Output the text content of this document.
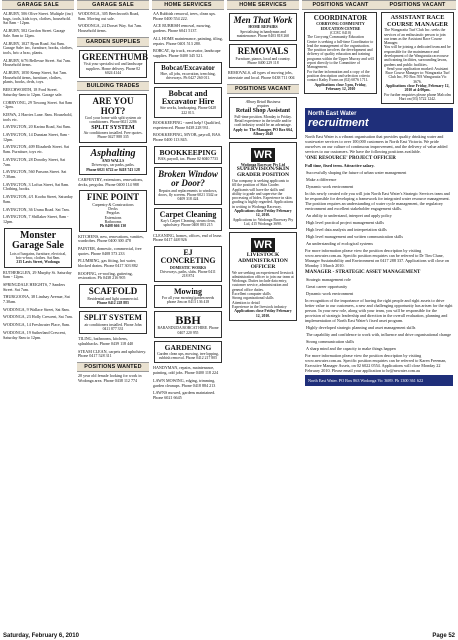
GARAGE SALE
ALBURY, 506 Olive Street. Multiple (inc) bags, tools, kids toys, clothes, household. Sat 8am - 12pm.
ALBURY, 502 Gordon Street. Garage Sale. 8am to 12pm.
ALBURY, 1027 Ryan Road. Sat 8am. Garage Sale: inc, furniture, books, clothes, tools, bric a brac, plants.
ALBURY, 6/76 Bellevue Street. Sat 7am. Household items.
ALBURY, 1050 Kemp Street, Sat 7am. Household items, furniture, clothes, plants, books, dvds, toys.
BEECHWORTH, 18 Ford Street. Saturday 6am to 12pm. Garage sale.
CORRYONG, 29 Towong Street. Sat 8am - 2pm.
KIEWA, 2 Harries Lane. 8am. Household, tools etc.
LAVINGTON, 20 Karina Road, Sat 8am.
LAVINGTON, 14 Dunstan Street, 8am - 12pm.
LAVINGTON, 409 Elizabeth Street. Sat 8am. Furniture, toys etc.
LAVINGTON, 28 Dorothy Street, Sat 7am.
LAVINGTON, 560 Parsons Street. Sat 7.30am.
LAVINGTON, 3 Loftus Street, Sat 8am. Clothing, books.
LAVINGTON, 4/1 Kooba Street, Saturday 8am.
LAVINGTON, 36 Urana Road. Sat 7am.
LAVINGTON, 7 Shillaker Street, 8am - 12pm.
Monster Garage Sale
Lots of bargains, furniture, electrical, bric-a-brac, clothes. Sat 8am.
215 Lavis Street, Wodonga
RUTHERGLEN, 29 Murphy St. Saturday 6am - 12pm.
SPRINGDALE HEIGHTS, 7 Sanders Street. Sat 7am.
THURGOONA, 38 Lindsay Avenue, Sat 7.30am.
WODONGA, 9 Wallace Street, Sat 8am.
WODONGA, 23 Holly Crescent, Sat 7am.
WODONGA, 14 Freshwater Place, 8am.
WODONGA, 19 Sutherland Crescent, Saturday 8am to 12pm.
GARAGE SALE
WODONGA, 305 Beechworth Road, 8am. Moving out sale.
WODONGA, 24 Dorset Way. Sat 7am. Household items.
GARDEN SUPPLIES
GREENTHUMB
Visit your specialist soil and landscape suppliers. Home delivery. Phone 02 6024 4144
BUILDING TRADES
ARE YOU HOT?
Cool your home with split system air conditioners. Phone 6021 2286
SPLIT SYSTEM
Air conditioners installed. Free quotes. Phone 0427 888 335
Asphalting
AND WALLS
Driveways, car parks, paths.
Phone 6021 6722 or 0418 743 128
CARPENTRY, extensions, renovations, decks, pergolas. Phone 0400 114 988
FINE POINT
Carpentry & Constructions
Decks
Pergolas
Extensions
Bathrooms
Ph 0408 666 130
KITCHENS, new, renovations, vanities, wardrobes. Phone 0400 300 478
PAINTER, domestic, commercial, free quotes. Phone 0408 573 233
PLUMBING, gas fitting, hot water, blocked drains. Phone 0417 303 882
ROOFING, re-roofing, guttering, restoration. Ph 0438 216 905
SCAFFOLD
Residential and light commercial.
Phone 0412 228 885
SPLIT SYSTEM
air conditioners installed. Phone John 0411 877 331
TILING, bathrooms, kitchens, splashbacks. Phone 0439 118 440
STEAM CLEAN, carpets and upholstery. Phone 0417 528 311
POSITIONS WANTED
20 year old female looking for work in Wodonga area. Phone 0438 112 774
HOME SERVICES
AA Rubbish removal, trees, clean ups. Phone 0400 554 222.
ACE RUBBISH removal, mowing, gardens. Phone 6041 5137.
ALL HOME maintenance, painting, tiling, repairs. Phone 0401 513 280.
BOBCAT, tip truck, excavator, landscape supplies. Phone 0400 345 521.
Bobcat/Excavator
Hire, all jobs, excavation, trenching, driveways. Ph 0427 260 011.
Bobcat and Excavator Hire
Site works, landscaping. Phone 0428 222 013.
BOOKKEEPING - need help? Qualified, experienced. Phone 0438 228 931.
BOOKKEEPING, MYOB, payroll, BAS. Phone 0400 113 845.
BOOKKEEPING
BAS, payroll, tax. Phone 02 6040 7733
Broken Window
or Door?
Repairs and replacements to windows, doors, fly screens. Phone 6021 3342 or 0409 318 424
Carpet Cleaning
Kay's Carpet Cleaning, steam clean, upholstery. Phone 0400 883 215
CLEANING, homes, offices, end of lease. Phone 0417 448 926
EJ CONCRETING
DOMESTIC WORKS
Driveways, paths, slabs. Phone 0411 218 874
Mowing
For all your mowing/garden needs phone Jim on 0413 136 418
BBH
BARANDUDA BOBCAT HIRE. Phone 0407 220 955
GARDENING
Garden clean ups, mowing, tree lopping, rubbish removal. Phone 0412 217 805
HANDYMAN, repairs, maintenance, painting, odd jobs. Phone 0400 118 224
LAWN MOWING, edging, trimming, garden cleanups. Phone 0418 884 213
LAWNS mowed, gardens maintained. Phone 6021 6645
HOME SERVICES
Men That Work
HOME REPAIRS
Specialising in handyman and maintenance. Phone 0403 818 260
REMOVALS
Furniture, pianos, local and country. Phone 0400 229 118
REMOVALS, all types of moving jobs, interstate and local. Phone 0438 711 004
POSITIONS VACANT
Albury Retail Business
requires
Retail Shop Assistant
Full-time position. Monday to Friday. Retail experience in the textile and/or craft industry would be an advantage.
Apply to: The Manager, PO Box 664, Albury 2640
WR
Wodonga Raceway Pty Ltd
SUPERVISION/SKIN GRADER POSITION
Our company is seeking applicants to fill the position of Skin Grader. Applicants will have the skills and ability to grade and supervise the processing of hides. Experience in skin grading is highly regarded. Applications in writing to Wodonga Raceway.
Applications close Friday February 12, 2010.
Applications to: Wodonga Raceway Pty Ltd, 415 Wodonga 3690.
WR
LIVESTOCK ADMINISTRATION OFFICER
We are seeking an experienced livestock administration officer to join our team at Wodonga. Duties include data entry, customer service, administration and general office duties.
Excellent computer skills
Strong organisational skills
Attention to detail
Experience in the livestock industry
Applications close Friday February 12, 2010.
POSITIONS VACANT	POSITIONS VACANT
COORDINATOR
CORRYONG COMMUNITY EDUCATION CENTRE
(CCEC 0410)
The Corryong Community Education Centre is seeking a full-time Coordinator to lead the management of the organisation. The position involves the development and delivery of quality education and training programs within the Upper Murray and will report directly to the Committee of Management.
For further information and a copy of the position description and selection criteria contact Kathy Evans on (02) 6076 1711.
Applications close 5 pm, Friday, February 12, 2010
ASSISTANT RACE COURSE MANAGER
The Wangaratta Turf Club Inc. seeks the services of an enthusiastic person to join our team as the Assistant Race Course Manager.
You will be joining a dedicated team and be responsible for the maintenance and development of the Wangaratta racecourse and training facilities, surrounding lawns, gardens and public facilities.
Send your application marked: Assistant Race Course Manager to: Wangaratta Turf Club Inc, PO Box 593 Wangaratta Vic 3676.
Applications close Friday, February 12, 2010 at 4:00pm.
For further enquiries please phone Malcolm Hart on (03) 5722 1242.
North East Water
recruitment
North East Water is a vibrant organisation that provides quality drinking water and wastewater services to over 100,000 customers in North East Victoria. We pride ourselves on our culture of continuous improvement, and the delivery of value added services to our customers. We have the following positions available.
'ONE RESOURCE' PROJECT OFFICER
Full time, fixed term. Attractive salary.
Successfully shaping the future of urban water management
Make a difference
Dynamic work environment
In this newly created role you will join North East Water's Strategic Services team and be responsible for developing a framework for integrated water resource management. The position requires an understanding of water cycle management, the regulatory environment and excellent stakeholder engagement skills.
An ability to understand, interpret and apply policy
High level practical project management skills
High level data analysis and interpretation skills
High level management and written communication skills
An understanding of ecological systems
For more information please view the position description by visiting www.newater.com.au. Specific position enquiries can be referred to Dr Tim Clune, Manager Sustainability and Environment on 0417 288 337. Applications will close on Monday 1 March 2010.
MANAGER - STRATEGIC ASSET MANAGEMENT
Strategic management role
Great career opportunity
Dynamic work environment
In recognition of the importance of having the right people and right assets to drive better value to our customers, a new and challenging opportunity has arisen for the right person. In your new role, along with your team, you will be responsible for the provision of strategic leadership and direction in the overall evaluation, planning and implementation of North East Water's fixed asset program.
Highly developed strategic planning and asset management skills
The capability and confidence to work with, influence and drive organisational change
Strong communication skills
A sharp mind and the capacity to make things happen
For more information please view the position description by visiting www.newater.com.au. Specific position enquiries can be referred to Karen Freeman, Executive Manager Assets, on 02 6022 0554. Applications will close Monday 22 February 2010. Please email your application to hr@newater.com.au
North East Water. PO Box 863 Wodonga Vic 3689. Ph 1300 361 622
Saturday, February 6, 2010	Page 52
